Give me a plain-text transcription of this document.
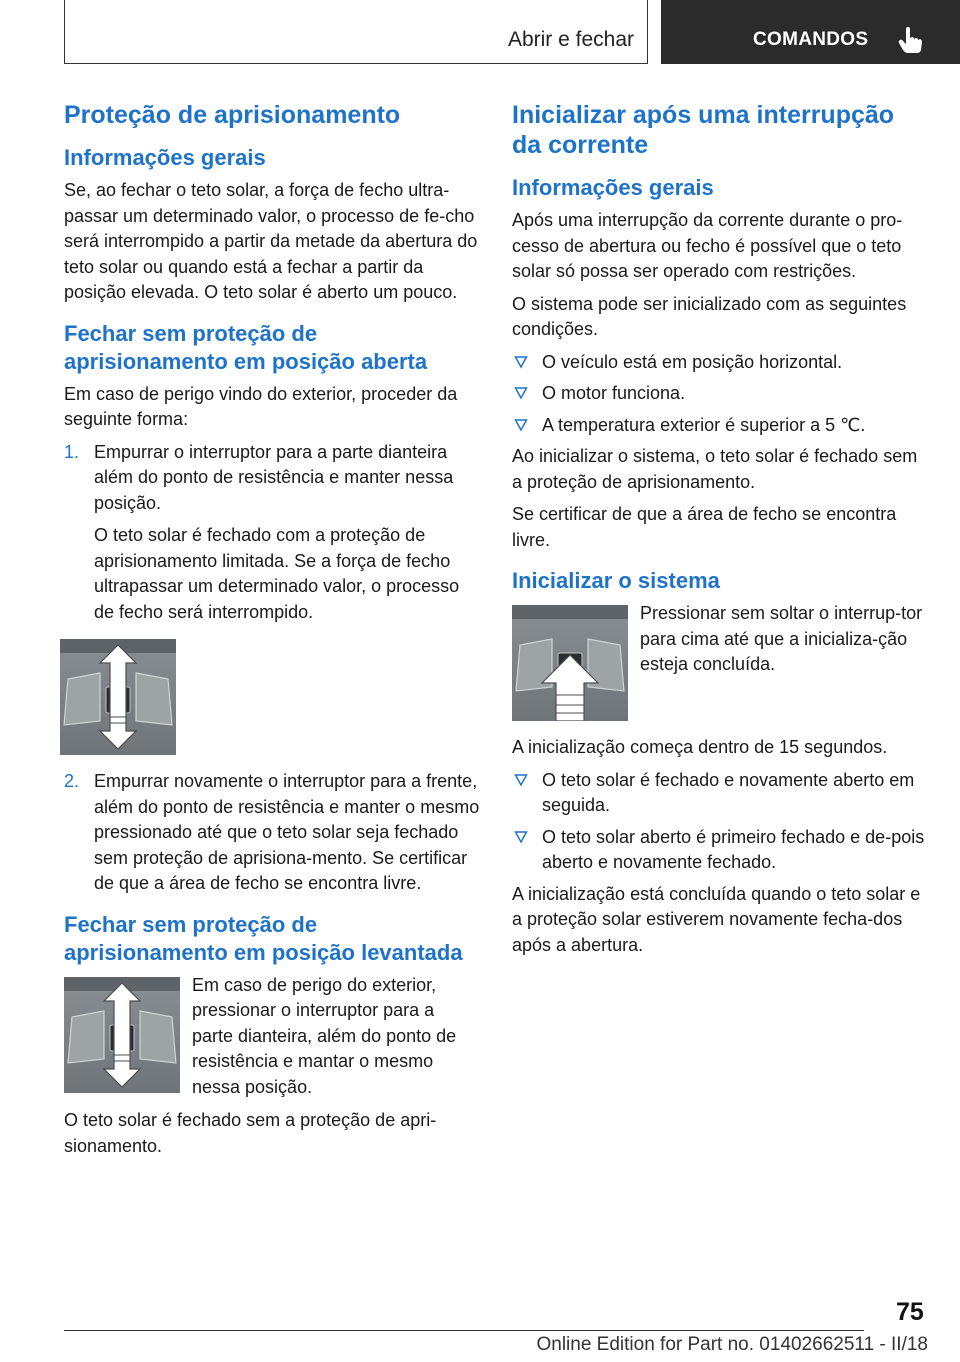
Abrir e fechar	COMANDOS
Proteção de aprisionamento
Informações gerais

Se, ao fechar o teto solar, a força de fecho ultra‐passar um determinado valor, o processo de fe‐cho será interrompido a partir da metade da abertura do teto solar ou quando está a fechar a partir da posição elevada. O teto solar é aberto um pouco.

Fechar sem proteção de aprisionamento em posição aberta

Em caso de perigo vindo do exterior, proceder da seguinte forma:

1. Empurrar o interruptor para a parte dianteira além do ponto de resistência e manter nessa posição.

O teto solar é fechado com a proteção de aprisionamento limitada. Se a força de fecho ultrapassar um determinado valor, o processo de fecho será interrompido.

2. Empurrar novamente o interruptor para a frente, além do ponto de resistência e manter o mesmo pressionado até que o teto solar seja fechado sem proteção de aprisiona‐mento. Se certificar de que a área de fecho se encontra livre.

Fechar sem proteção de aprisionamento em posição levantada

Em caso de perigo do exterior, pressionar o interruptor para a parte dianteira, além do ponto de resistência e mantar o mesmo nessa posição.

O teto solar é fechado sem a proteção de apri‐sionamento.

Inicializar após uma interrupção da corrente
Informações gerais

Após uma interrupção da corrente durante o pro‐cesso de abertura ou fecho é possível que o teto solar só possa ser operado com restrições.

O sistema pode ser inicializado com as seguintes condições.

O veículo está em posição horizontal.
O motor funciona.
A temperatura exterior é superior a 5 ℃.

Ao inicializar o sistema, o teto solar é fechado sem a proteção de aprisionamento.

Se certificar de que a área de fecho se encontra livre.

Inicializar o sistema

Pressionar sem soltar o interrup‐tor para cima até que a inicializa‐ção esteja concluída.

A inicialização começa dentro de 15 segundos.

O teto solar é fechado e novamente aberto em seguida.
O teto solar aberto é primeiro fechado e de‐pois aberto e novamente fechado.

A inicialização está concluída quando o teto solar e a proteção solar estiverem novamente fecha‐dos após a abertura.

75
Online Edition for Part no. 01402662511 - II/18
